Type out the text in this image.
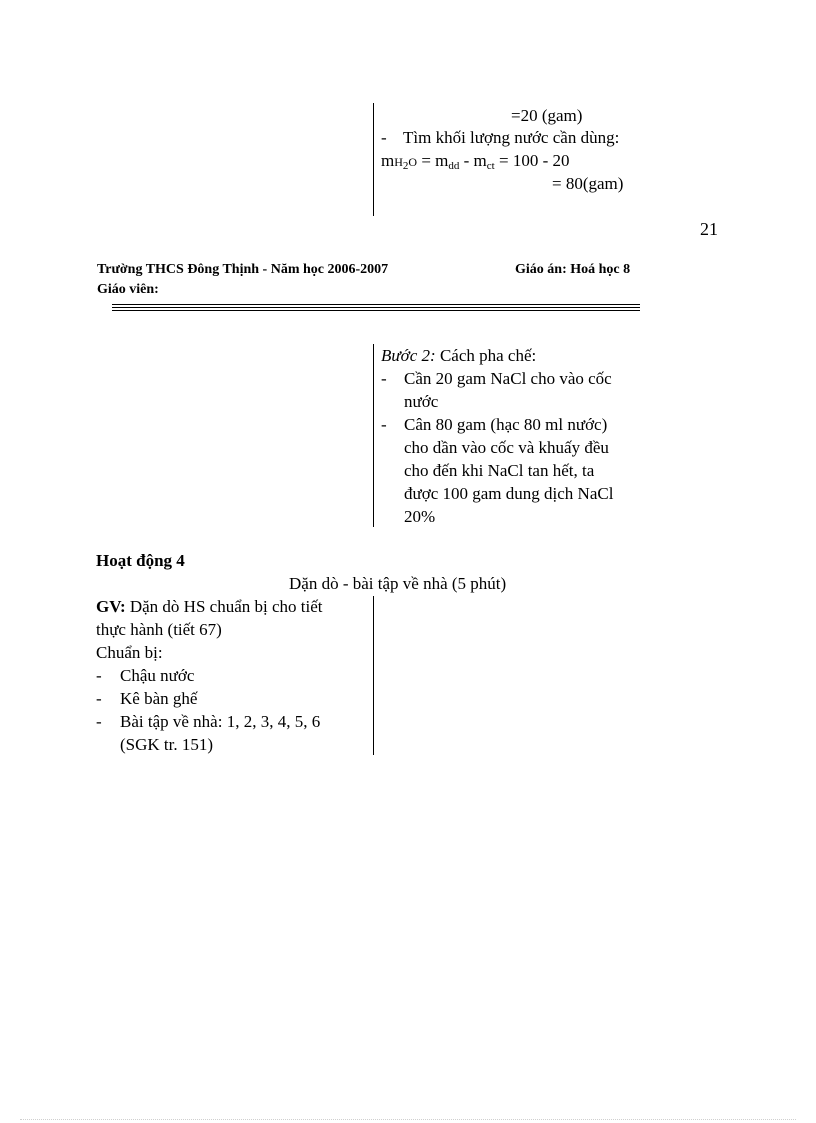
=20 (gam)
- Tìm khối lượng nước cần dùng:
$mH_2O = m_{dd} - m_{ct} = 100 - 20$
= 80(gam)
21
Trường THCS Đông Thịnh - Năm học 2006-2007	Giáo án: Hoá học 8
Giáo viên:
Bước 2: Cách pha chế:
- Cần 20 gam NaCl cho vào cốc
nước
- Cân 80 gam (hạc 80 ml nước)
cho dần vào cốc và khuấy đều
cho đến khi NaCl tan hết, ta
được 100 gam dung dịch NaCl
20%
Hoạt động 4
Dặn dò - bài tập về nhà (5 phút)
GV: Dặn dò HS chuẩn bị cho tiết
thực hành (tiết 67)
Chuẩn bị:
- Chậu nước
- Kê bàn ghế
- Bài tập về nhà: 1, 2, 3, 4, 5, 6
(SGK tr. 151)
